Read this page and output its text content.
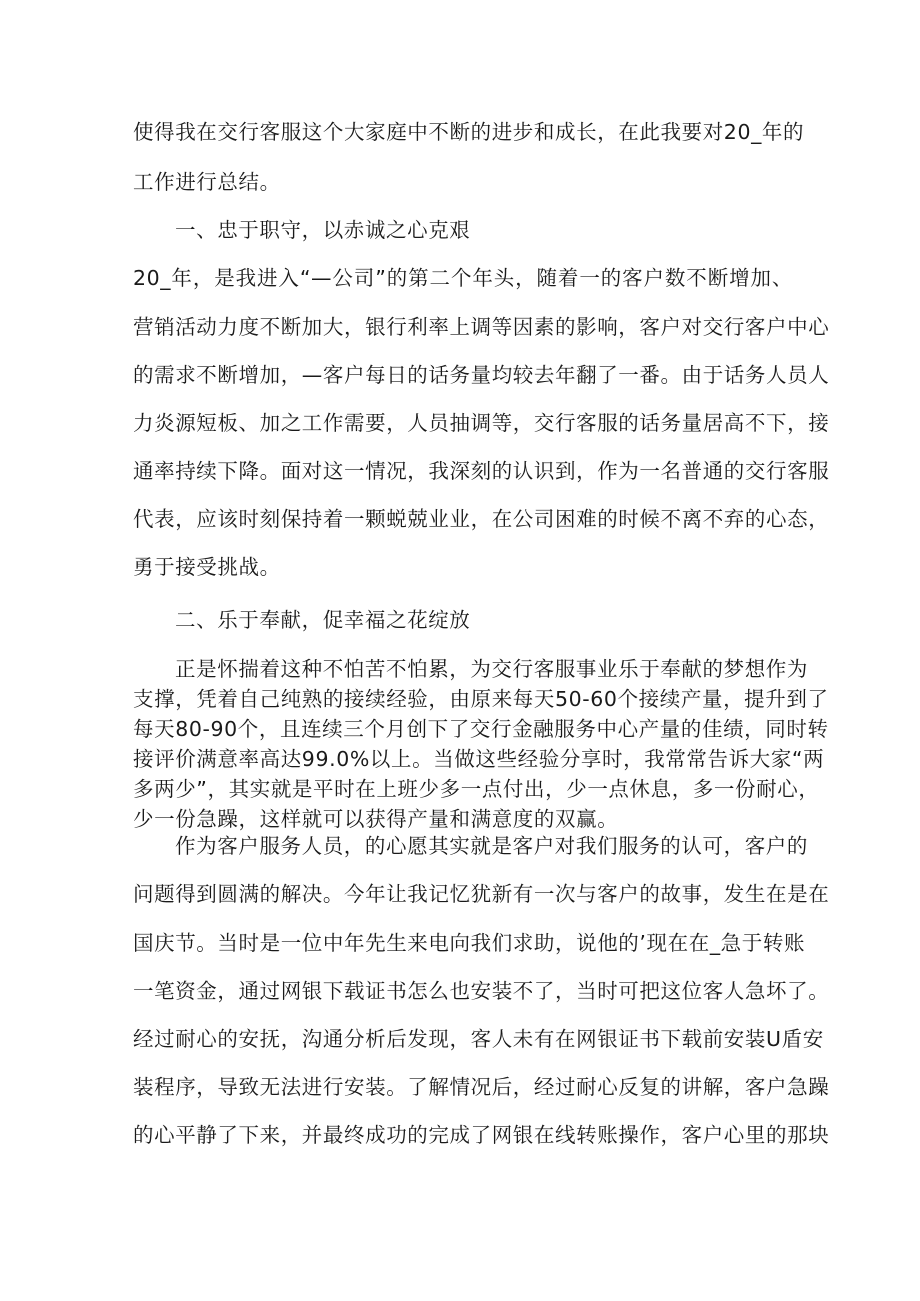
使得我在交行客服这个大家庭中不断的进步和成长，在此我要对20_年的
工作进行总结。
一、忠于职守，以赤诚之心克艰
20_年，是我进入“—公司”的第二个年头，随着一的客户数不断增加、
营销活动力度不断加大，银行利率上调等因素的影响，客户对交行客户中心
的需求不断增加，—客户每日的话务量均较去年翻了一番。由于话务人员人
力炎源短板、加之工作需要，人员抽调等，交行客服的话务量居高不下，接
通率持续下降。面对这一情况，我深刻的认识到，作为一名普通的交行客服
代表，应该时刻保持着一颗蜕兢业业，在公司困难的时候不离不弃的心态，
勇于接受挑战。
二、乐于奉献，促幸福之花绽放
正是怀揣着这种不怕苦不怕累，为交行客服事业乐于奉献的梦想作为
支撑，凭着自己纯熟的接续经验，由原来每天50-60个接续产量，提升到了
每天80-90个，且连续三个月创下了交行金融服务中心产量的佳绩，同时转
接评价满意率高达99.0%以上。当做这些经验分享时，我常常告诉大家“两
多两少”，其实就是平时在上班少多一点付出，少一点休息，多一份耐心，
少一份急躁，这样就可以获得产量和满意度的双赢。
作为客户服务人员，的心愿其实就是客户对我们服务的认可，客户的
问题得到圆满的解决。今年让我记忆犹新有一次与客户的故事，发生在是在
国庆节。当时是一位中年先生来电向我们求助，说他的’现在在_急于转账
一笔资金，通过网银下载证书怎么也安装不了，当时可把这位客人急坏了。
经过耐心的安抚，沟通分析后发现，客人未有在网银证书下载前安装U盾安
装程序，导致无法进行安装。了解情况后，经过耐心反复的讲解，客户急躁
的心平静了下来，并最终成功的完成了网银在线转账操作，客户心里的那块
